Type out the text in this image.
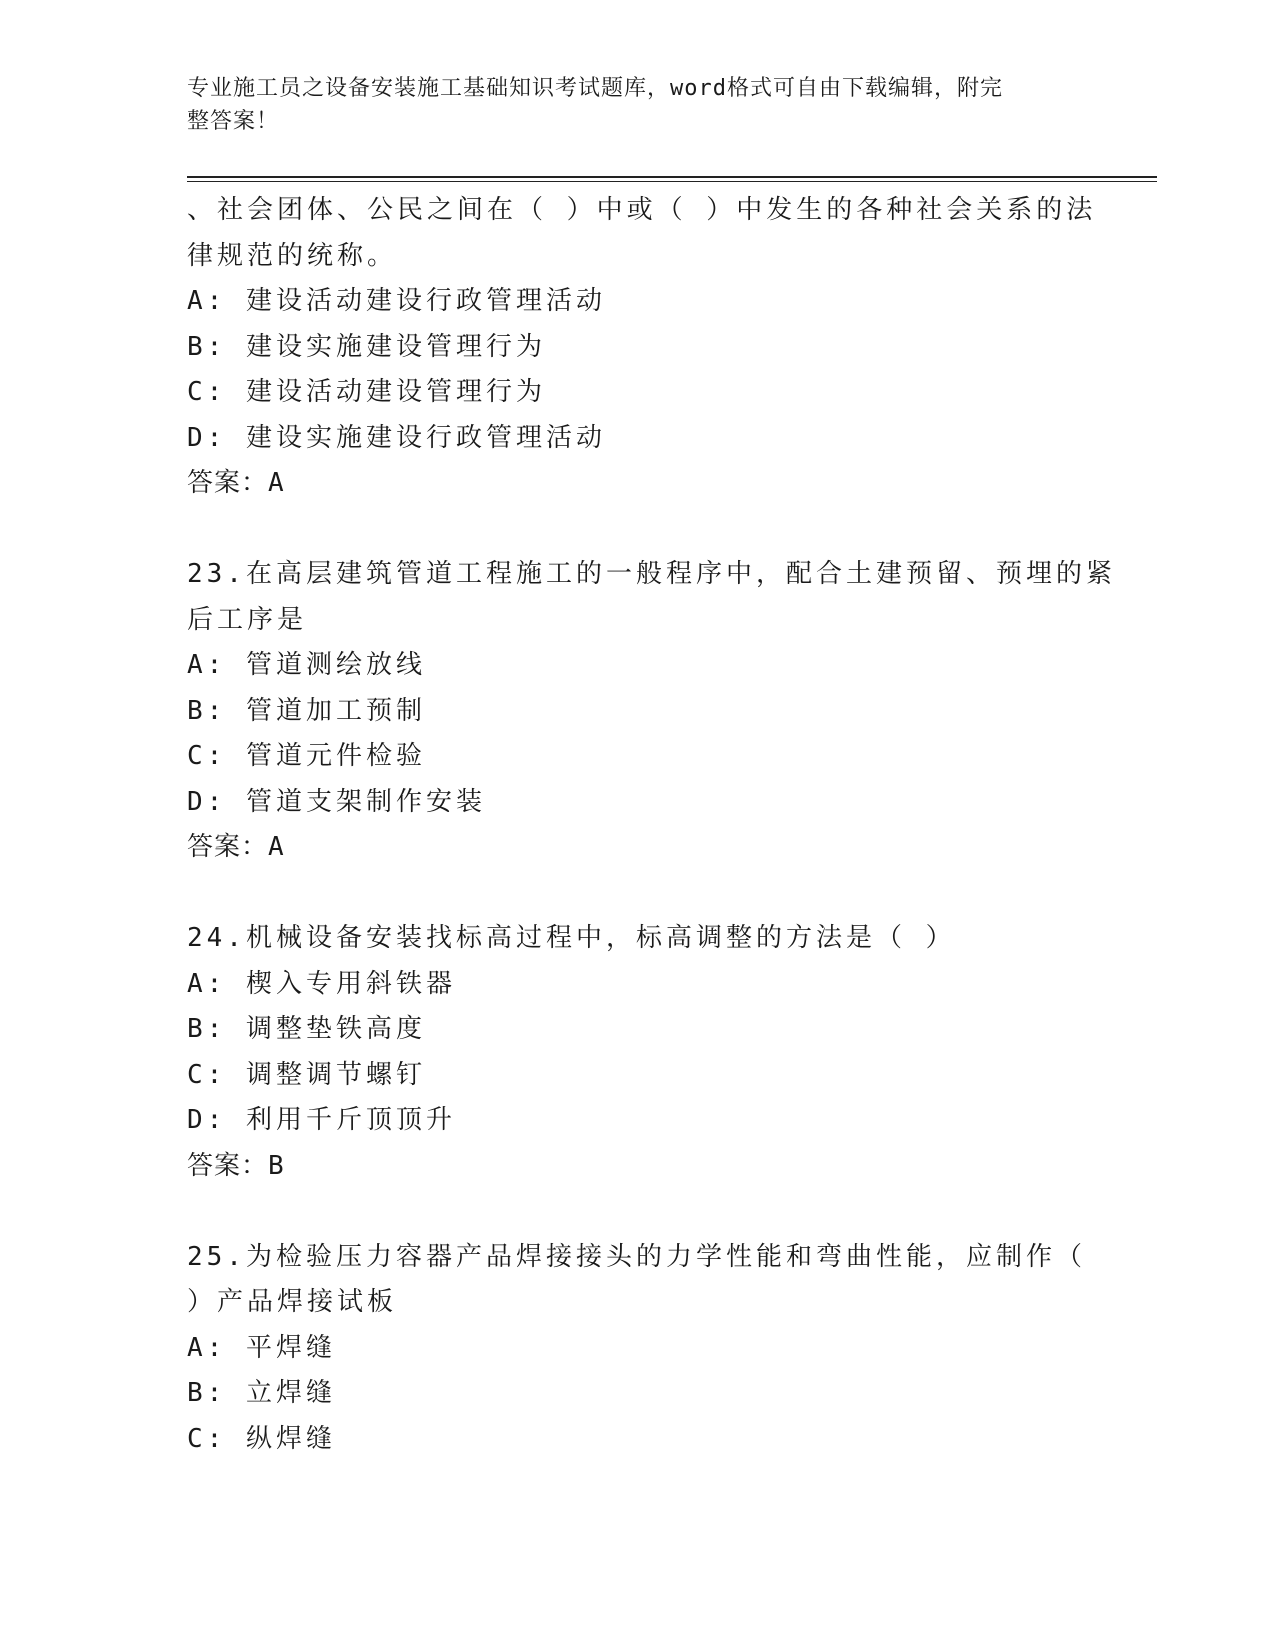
专业施工员之设备安装施工基础知识考试题库，word格式可自由下载编辑，附完
整答案！
、社会团体、公民之间在（ ）中或（ ）中发生的各种社会关系的法
律规范的统称。
A: 建设活动建设行政管理活动
B: 建设实施建设管理行为
C: 建设活动建设管理行为
D: 建设实施建设行政管理活动
答案：A
23.在高层建筑管道工程施工的一般程序中，配合土建预留、预埋的紧
后工序是
A: 管道测绘放线
B: 管道加工预制
C: 管道元件检验
D: 管道支架制作安装
答案：A
24.机械设备安装找标高过程中，标高调整的方法是（ ）
A: 楔入专用斜铁器
B: 调整垫铁高度
C: 调整调节螺钉
D: 利用千斤顶顶升
答案：B
25.为检验压力容器产品焊接接头的力学性能和弯曲性能，应制作（
）产品焊接试板
A: 平焊缝
B: 立焊缝
C: 纵焊缝
